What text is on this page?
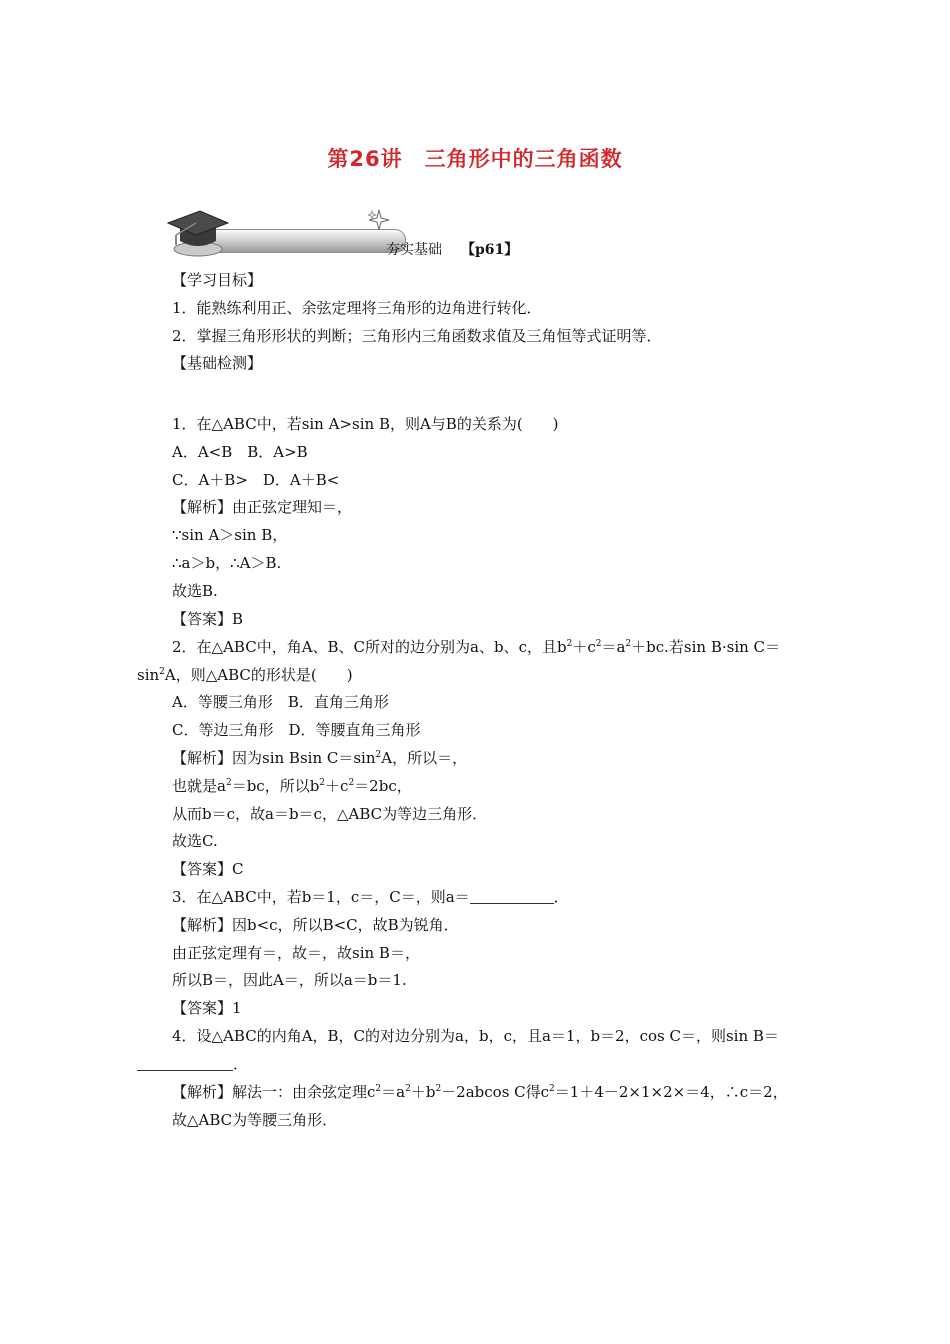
第26讲　三角形中的三角函数
夯实基础 【p61】
【学习目标】
1．能熟练利用正、余弦定理将三角形的边角进行转化．
2．掌握三角形形状的判断；三角形内三角函数求值及三角恒等式证明等．
【基础检测】
1．在△ABC中，若sin A>sin B，则A与B的关系为(　　)
A．A<B　B．A>B
C．A＋B>　D．A＋B<
【解析】由正弦定理知＝，
∵sin A＞sin B，
∴a＞b，∴A＞B.
故选B.
【答案】B
2．在△ABC中，角A、B、C所对的边分别为a、b、c，且$b^2+c^2=a^2+bc$.若sin B·sin C＝
$\sin^2A$，则△ABC的形状是(　　)
A．等腰三角形　B．直角三角形
C．等边三角形　D．等腰直角三角形
【解析】因为sin Bsin $C=\sin^2A$，所以＝，
也就是$a^2=bc$，所以$b^2+c^2=2bc$，
从而b＝c，故a＝b＝c，△ABC为等边三角形．
故选C.
【答案】C
3．在△ABC中，若b＝1，c＝，C＝，则a＝	．
【解析】因b<c，所以B<C，故B为锐角．
由正弦定理有＝，故＝，故sin B＝，
所以B＝，因此A＝，所以a＝b＝1.
【答案】1
4．设△ABC的内角A，B，C的对边分别为a，b，c，且a＝1，b＝2，cos C＝，则sin B＝
．
【解析】解法一：由余弦定理$c^2=a^2+b^2-2abcos$ C得$c^2=1+4-2\times 1\times 2\times=4$，∴c＝2，
故△ABC为等腰三角形．
